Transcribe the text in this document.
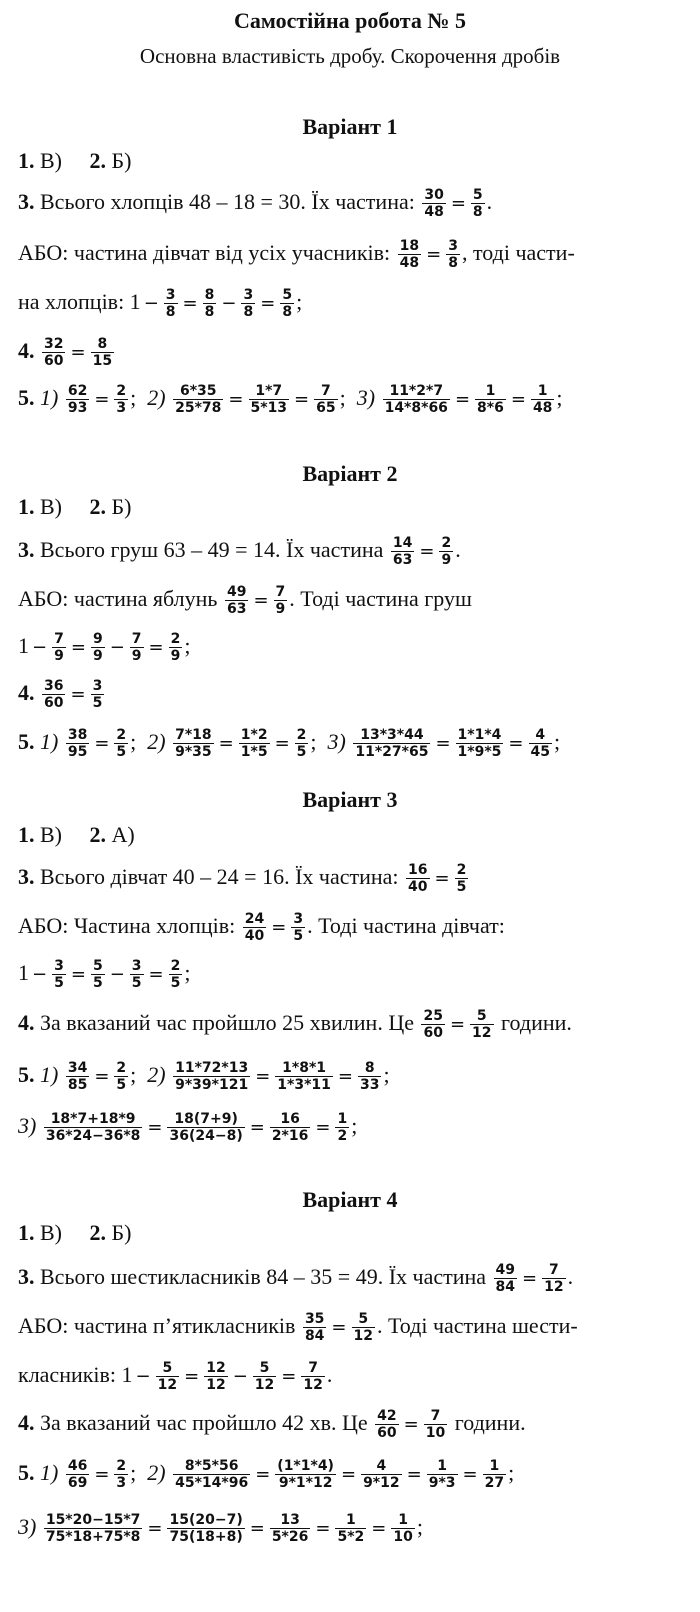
Самостійна робота № 5
Основна властивість дробу. Скорочення дробів
Варіант 1
1. В) 2. Б)
3. Всього хлопців 48 – 18 = 30. Їх частина: $\frac{30}{48} = \frac{5}{8}$ .
АБО: частина дівчат від усіх учасників: $\frac{18}{48} = \frac{3}{8}$ , тоді части-
на хлопців: $1 - \frac{3}{8} = \frac{8}{8} - \frac{3}{8} = \frac{5}{8}$ ;
4. $\frac{32}{60} = \frac{8}{15}$
5. $1) \frac{62}{93} = \frac{2}{3}$ ; $2) \frac{6*35}{25*78} = \frac{1*7}{5*13} = \frac{7}{65}$ ; $3) \frac{11*2*7}{14*8*66} = \frac{1}{8*6} = \frac{1}{48}$ ;
Варіант 2
1. В) 2. Б)
3. Всього груш 63 – 49 = 14. Їх частина $\frac{14}{63} = \frac{2}{9}$ .
АБО: частина яблунь $\frac{49}{63} = \frac{7}{9}$ . Тоді частина груш
$1 - \frac{7}{9} = \frac{9}{9} - \frac{7}{9} = \frac{2}{9}$ ;
4. $\frac{36}{60} = \frac{3}{5}$
5. $1) \frac{38}{95} = \frac{2}{5}$ ; $2) \frac{7*18}{9*35} = \frac{1*2}{1*5} = \frac{2}{5}$ ; $3) \frac{13*3*44}{11*27*65} = \frac{1*1*4}{1*9*5} = \frac{4}{45}$ ;
Варіант 3
1. В) 2. А)
3. Всього дівчат 40 – 24 = 16. Їх частина: $\frac{16}{40} = \frac{2}{5}$
АБО: Частина хлопців: $\frac{24}{40} = \frac{3}{5}$ . Тоді частина дівчат:
$1 - \frac{3}{5} = \frac{5}{5} - \frac{3}{5} = \frac{2}{5}$ ;
4. За вказаний час пройшло 25 хвилин. Це $\frac{25}{60} = \frac{5}{12}$ години.
5. $1) \frac{34}{85} = \frac{2}{5}$ ; $2) \frac{11*72*13}{9*39*121} = \frac{1*8*1}{1*3*11} = \frac{8}{33}$ ;
$3) \frac{18*7+18*9}{36*24-36*8} = \frac{18(7+9)}{36(24-8)} = \frac{16}{2*16} = \frac{1}{2}$ ;
Варіант 4
1. В) 2. Б)
3. Всього шестикласників 84 – 35 = 49. Їх частина $\frac{49}{84} = \frac{7}{12}$ .
АБО: частина п’ятикласників $\frac{35}{84} = \frac{5}{12}$ . Тоді частина шести-
класників: $1 - \frac{5}{12} = \frac{12}{12} - \frac{5}{12} = \frac{7}{12}$ .
4. За вказаний час пройшло 42 хв. Це $\frac{42}{60} = \frac{7}{10}$ години.
5. $1) \frac{46}{69} = \frac{2}{3}$ ; $2) \frac{8*5*56}{45*14*96} = \frac{(1*1*4)}{9*1*12} = \frac{4}{9*12} = \frac{1}{9*3} = \frac{1}{27}$ ;
$3) \frac{15*20-15*7}{75*18+75*8} = \frac{15(20-7)}{75(18+8)} = \frac{13}{5*26} = \frac{1}{5*2} = \frac{1}{10}$ ;
